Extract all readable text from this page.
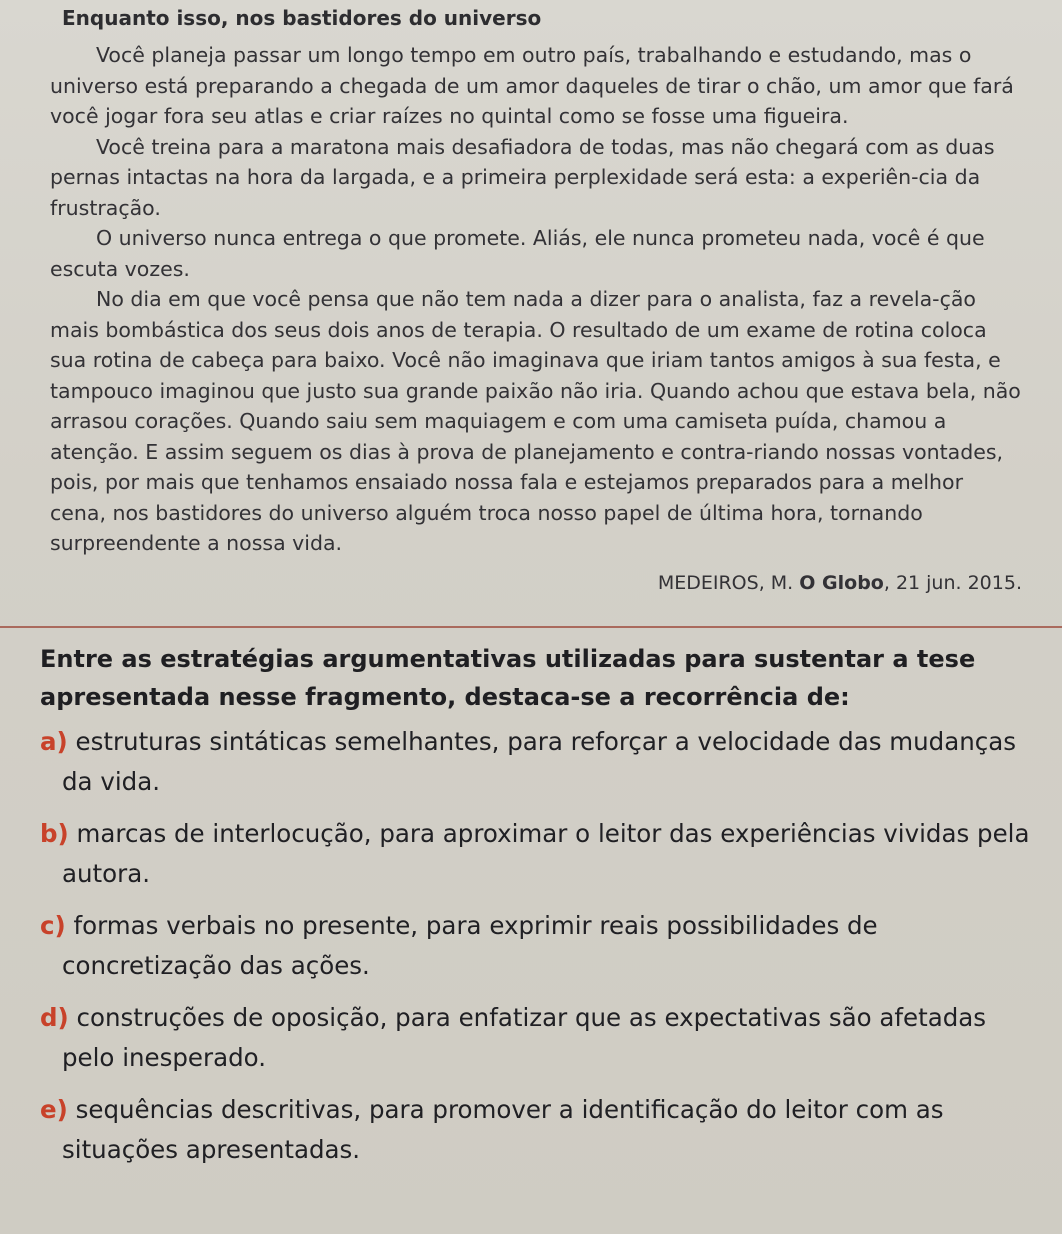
Enquanto isso, nos bastidores do universo

Você planeja passar um longo tempo em outro país, trabalhando e estudando, mas o universo está preparando a chegada de um amor daqueles de tirar o chão, um amor que fará você jogar fora seu atlas e criar raízes no quintal como se fosse uma figueira.

Você treina para a maratona mais desafiadora de todas, mas não chegará com as duas pernas intactas na hora da largada, e a primeira perplexidade será esta: a experiên-cia da frustração.

O universo nunca entrega o que promete. Aliás, ele nunca prometeu nada, você é que escuta vozes.

No dia em que você pensa que não tem nada a dizer para o analista, faz a revela-ção mais bombástica dos seus dois anos de terapia. O resultado de um exame de rotina coloca sua rotina de cabeça para baixo. Você não imaginava que iriam tantos amigos à sua festa, e tampouco imaginou que justo sua grande paixão não iria. Quando achou que estava bela, não arrasou corações. Quando saiu sem maquiagem e com uma camiseta puída, chamou a atenção. E assim seguem os dias à prova de planejamento e contra-riando nossas vontades, pois, por mais que tenhamos ensaiado nossa fala e estejamos preparados para a melhor cena, nos bastidores do universo alguém troca nosso papel de última hora, tornando surpreendente a nossa vida.

MEDEIROS, M. O Globo, 21 jun. 2015.

Entre as estratégias argumentativas utilizadas para sustentar a tese apresentada nesse fragmento, destaca-se a recorrência de:

a) estruturas sintáticas semelhantes, para reforçar a velocidade das mudanças da vida.
b) marcas de interlocução, para aproximar o leitor das experiências vividas pela autora.
c) formas verbais no presente, para exprimir reais possibilidades de concretização das ações.
d) construções de oposição, para enfatizar que as expectativas são afetadas pelo inesperado.
e) sequências descritivas, para promover a identificação do leitor com as situações apresentadas.
